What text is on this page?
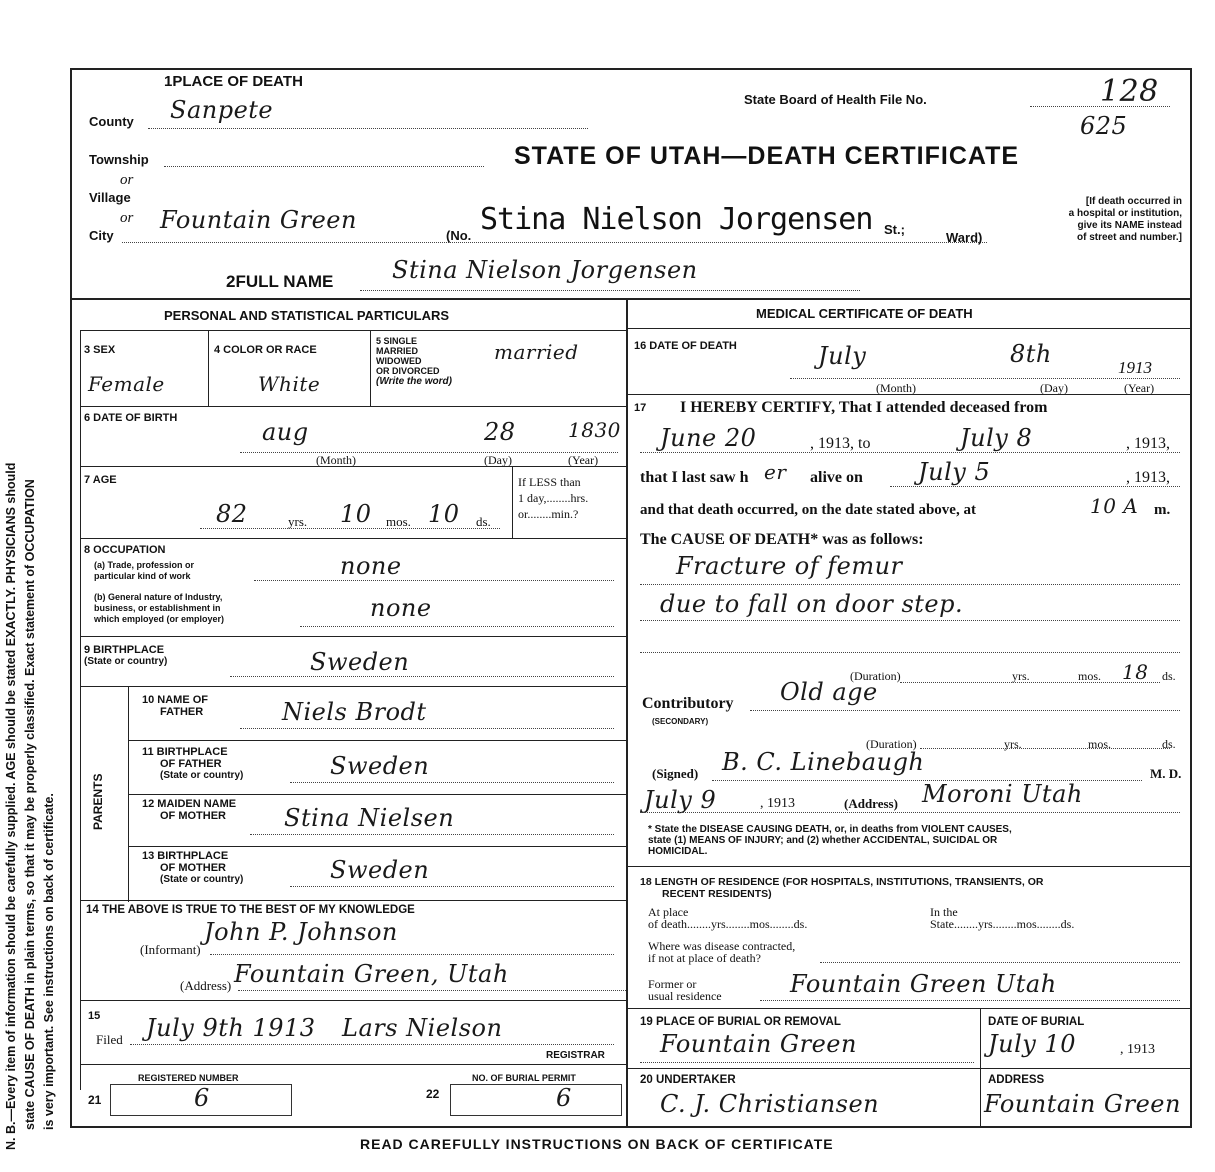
N. B.—Every item of information should be carefully supplied. AGE should be stated EXACTLY. PHYSICIANS should state CAUSE OF DEATH in plain terms, so that it may be properly classified. Exact statement of OCCUPATION is very important. See instructions on back of certificate.
1PLACE OF DEATH
County Sanpete
Township
or
Village
or
City
Fountain Green
(No. Stina Nielson Jorgensen St.;
Ward)
State Board of Health File No.	128
625
STATE OF UTAH—DEATH CERTIFICATE
[If death occurred in
a hospital or institution,
give its NAME instead
of street and number.]
2FULL NAME Stina Nielson Jorgensen
PERSONAL AND STATISTICAL PARTICULARS
3 SEX
Female
4 COLOR OR RACE
White
5 SINGLE
MARRIED
WIDOWED
OR DIVORCED
(Write the word)
married
6 DATE OF BIRTH	aug	28	1830
(Month)	(Day)	(Year)
7 AGE
82	yrs. 10 mos. 10 ds.
If LESS than
1 day,........hrs.
or........min.?
8 OCCUPATION
(a) Trade, profession or
particular kind of work	none
(b) General nature of Industry,
business, or establishment in
which employed (or employer)	none
9 BIRTHPLACE
(State or country)	Sweden
PARENTS
10 NAME OF
FATHER	Niels Brodt
11 BIRTHPLACE
OF FATHER
(State or country)	Sweden
12 MAIDEN NAME
OF MOTHER	Stina Nielsen
13 BIRTHPLACE
OF MOTHER
(State or country)	Sweden
14 THE ABOVE IS TRUE TO THE BEST OF MY KNOWLEDGE
(Informant)
John P. Johnson
(Address) Fountain Green, Utah
15
Filed July 9th 1913 Lars Nielson
REGISTRAR
REGISTERED NUMBER
21	6
NO. OF BURIAL PERMIT
22	6
MEDICAL CERTIFICATE OF DEATH
16 DATE OF DEATH	July	8th	1913
(Month)	(Day)	(Year)
17 I HEREBY CERTIFY, That I attended deceased from
June 20	, 1913, to	July 8	, 1913,
that I last saw h er alive on July 5	, 1913,
and that death occurred, on the date stated above, at	10 A m.
The CAUSE OF DEATH* was as follows:
Fracture of femur
due to fall on door step.
(Duration)	yrs.	mos. 18 ds.
Contributory
(SECONDARY)
Old age
(Duration)	yrs.	mos.	ds.
(Signed) B. C. Linebaugh	M. D.
July 9	, 1913	(Address) Moroni Utah
* State the DISEASE CAUSING DEATH, or, in deaths from VIOLENT CAUSES,
state (1) MEANS OF INJURY; and (2) whether ACCIDENTAL, SUICIDAL OR
HOMICIDAL.
18 LENGTH OF RESIDENCE (FOR HOSPITALS, INSTITUTIONS, TRANSIENTS, OR
RECENT RESIDENTS)
At place
of death........yrs........mos........ds.
In the
State........yrs........mos........ds.
Where was disease contracted,
if not at place of death?
Former or
usual residence	Fountain Green Utah
19 PLACE OF BURIAL OR REMOVAL
Fountain Green
DATE OF BURIAL
July 10	, 1913
20 UNDERTAKER
C. J. Christiansen
ADDRESS
Fountain Green
READ CAREFULLY INSTRUCTIONS ON BACK OF CERTIFICATE
